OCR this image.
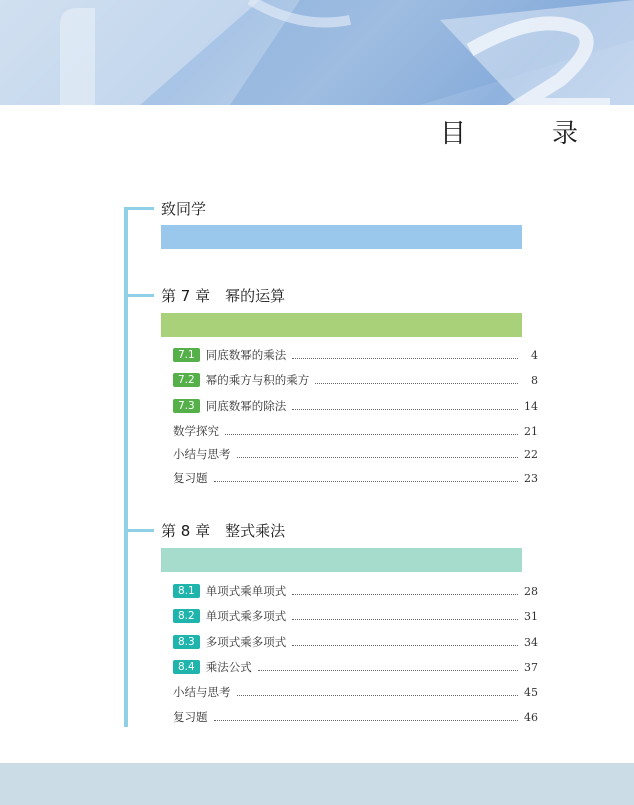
目　录
致同学
第 7 章　幂的运算
7.1 同底数幂的乘法	4
7.2 幂的乘方与积的乘方	8
7.3 同底数幂的除法	14
数学探究	21
小结与思考	22
复习题	23
第 8 章　整式乘法
8.1 单项式乘单项式	28
8.2 单项式乘多项式	31
8.3 多项式乘多项式	34
8.4 乘法公式	37
小结与思考	45
复习题	46
